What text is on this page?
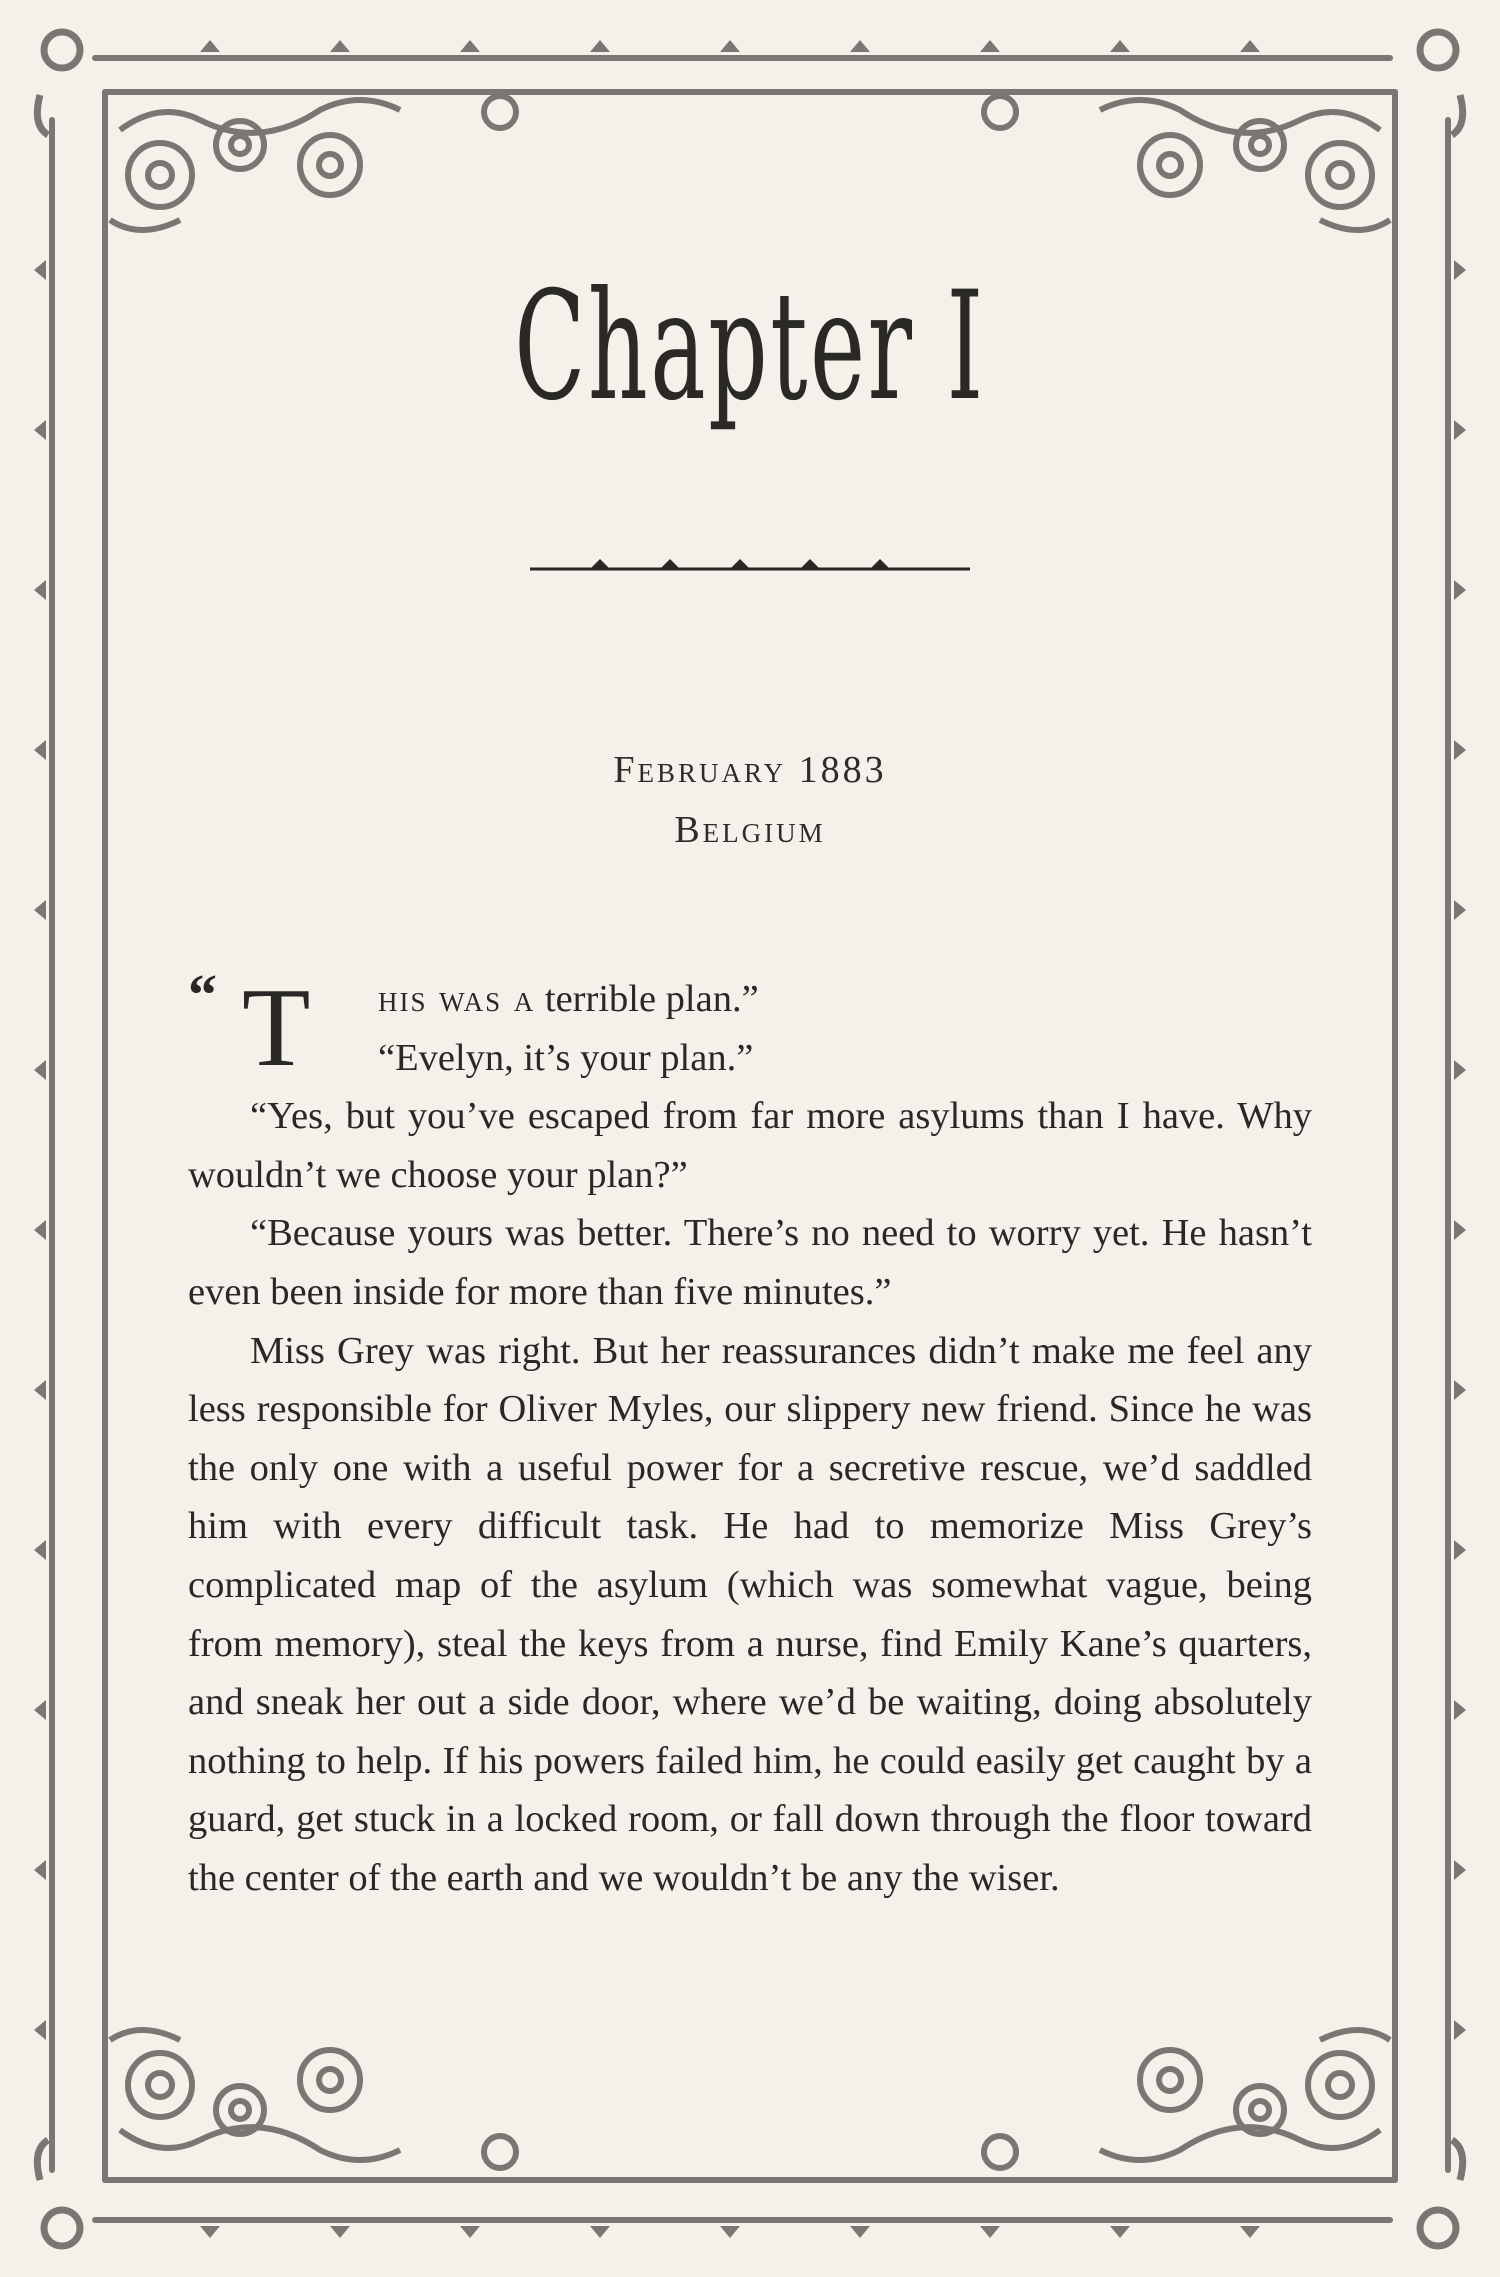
Chapter I
February 1883
Belgium

“ T his was a terrible plan.”

“Evelyn, it’s your plan.”

“Yes, but you’ve escaped from far more asylums than I have. Why wouldn’t we choose your plan?”

“Because yours was better. There’s no need to worry yet. He hasn’t even been inside for more than five minutes.”

Miss Grey was right. But her reassurances didn’t make me feel any less responsible for Oliver Myles, our slippery new friend. Since he was the only one with a useful power for a secretive rescue, we’d saddled him with every difficult task. He had to memorize Miss Grey’s complicated map of the asylum (which was somewhat vague, being from memory), steal the keys from a nurse, find Emily Kane’s quarters, and sneak her out a side door, where we’d be waiting, doing absolutely nothing to help. If his powers failed him, he could easily get caught by a guard, get stuck in a locked room, or fall down through the floor toward the center of the earth and we wouldn’t be any the wiser.
